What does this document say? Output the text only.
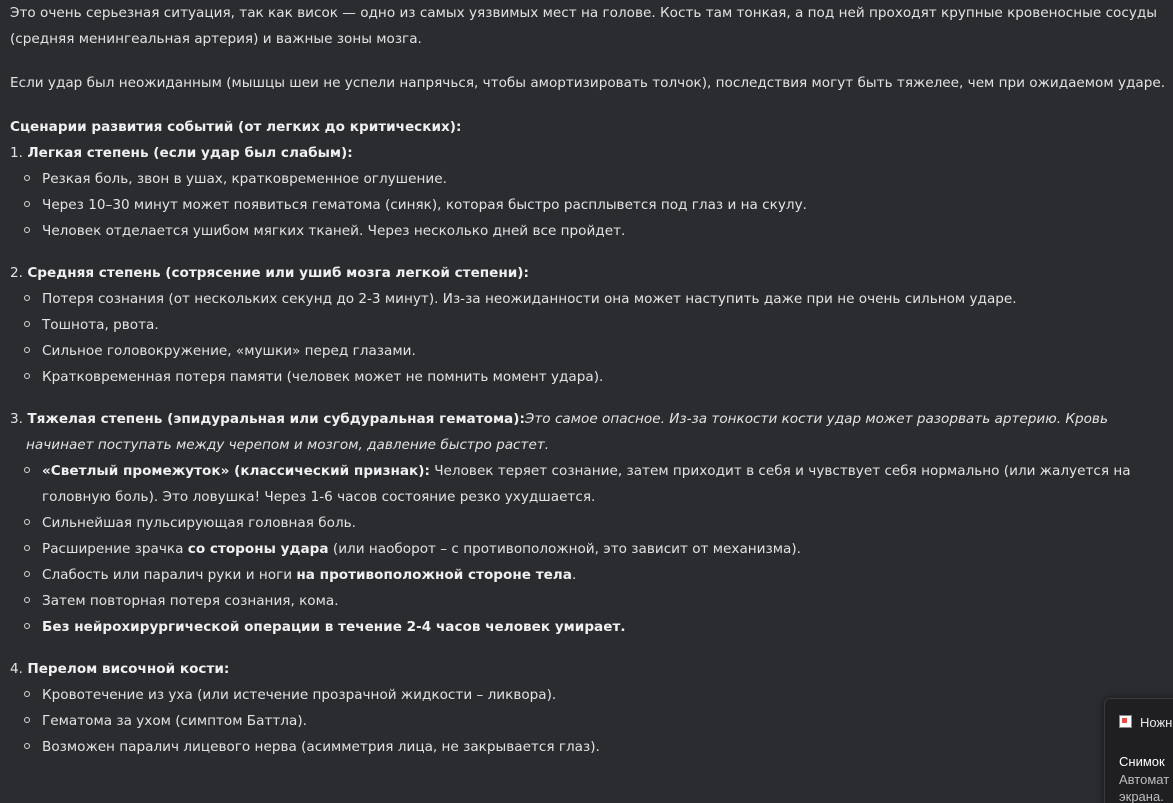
Это очень серьезная ситуация, так как висок — одно из самых уязвимых мест на голове. Кость там тонкая, а под ней проходят крупные кровеносные сосуды (средняя менингеальная артерия) и важные зоны мозга.

Если удар был неожиданным (мышцы шеи не успели напрячься, чтобы амортизировать толчок), последствия могут быть тяжелее, чем при ожидаемом ударе.

Сценарии развития событий (от легких до критических):

1. Легкая степень (если удар был слабым):
Резкая боль, звон в ушах, кратковременное оглушение.
Через 10–30 минут может появиться гематома (синяк), которая быстро расплывется под глаз и на скулу.
Человек отделается ушибом мягких тканей. Через несколько дней все пройдет.
2. Средняя степень (сотрясение или ушиб мозга легкой степени):
Потеря сознания (от нескольких секунд до 2-3 минут). Из-за неожиданности она может наступить даже при не очень сильном ударе.
Тошнота, рвота.
Сильное головокружение, «мушки» перед глазами.
Кратковременная потеря памяти (человек может не помнить момент удара).
3. Тяжелая степень (эпидуральная или субдуральная гематома):Это самое опасное. Из-за тонкости кости удар может разорвать артерию. Кровь начинает поступать между черепом и мозгом, давление быстро растет.
«Светлый промежуток» (классический признак): Человек теряет сознание, затем приходит в себя и чувствует себя нормально (или жалуется на головную боль). Это ловушка! Через 1-6 часов состояние резко ухудшается.
Сильнейшая пульсирующая головная боль.
Расширение зрачка со стороны удара (или наоборот – с противоположной, это зависит от механизма).
Слабость или паралич руки и ноги на противоположной стороне тела.
Затем повторная потеря сознания, кома.
Без нейрохирургической операции в течение 2-4 часов человек умирает.
4. Перелом височной кости:
Кровотечение из уха (или истечение прозрачной жидкости – ликвора).
Гематома за ухом (симптом Баттла).
Возможен паралич лицевого нерва (асимметрия лица, не закрывается глаз).
Ножн
Снимок
Автомат
экрана.
